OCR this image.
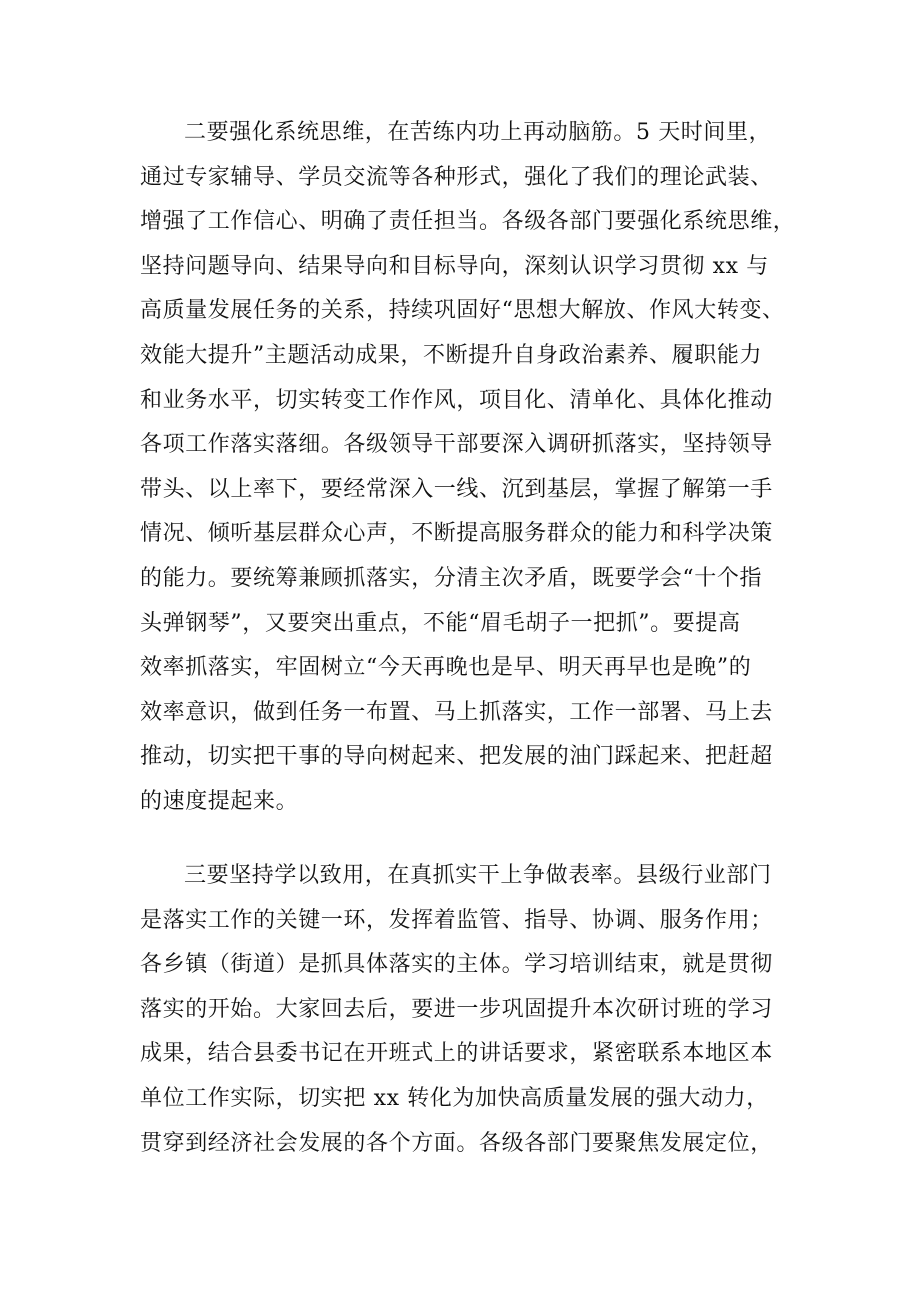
二要强化系统思维，在苦练内功上再动脑筋。5 天时间里，
通过专家辅导、学员交流等各种形式，强化了我们的理论武装、
增强了工作信心、明确了责任担当。各级各部门要强化系统思维，
坚持问题导向、结果导向和目标导向，深刻认识学习贯彻 xx 与
高质量发展任务的关系，持续巩固好“思想大解放、作风大转变、
效能大提升”主题活动成果，不断提升自身政治素养、履职能力
和业务水平，切实转变工作作风，项目化、清单化、具体化推动
各项工作落实落细。各级领导干部要深入调研抓落实，坚持领导
带头、以上率下，要经常深入一线、沉到基层，掌握了解第一手
情况、倾听基层群众心声，不断提高服务群众的能力和科学决策
的能力。要统筹兼顾抓落实，分清主次矛盾，既要学会“十个指
头弹钢琴”，又要突出重点，不能“眉毛胡子一把抓”。要提高
效率抓落实，牢固树立“今天再晚也是早、明天再早也是晚”的
效率意识，做到任务一布置、马上抓落实，工作一部署、马上去
推动，切实把干事的导向树起来、把发展的油门踩起来、把赶超
的速度提起来。
三要坚持学以致用，在真抓实干上争做表率。县级行业部门
是落实工作的关键一环，发挥着监管、指导、协调、服务作用；
各乡镇（街道）是抓具体落实的主体。学习培训结束，就是贯彻
落实的开始。大家回去后，要进一步巩固提升本次研讨班的学习
成果，结合县委书记在开班式上的讲话要求，紧密联系本地区本
单位工作实际，切实把 xx 转化为加快高质量发展的强大动力，
贯穿到经济社会发展的各个方面。各级各部门要聚焦发展定位，
